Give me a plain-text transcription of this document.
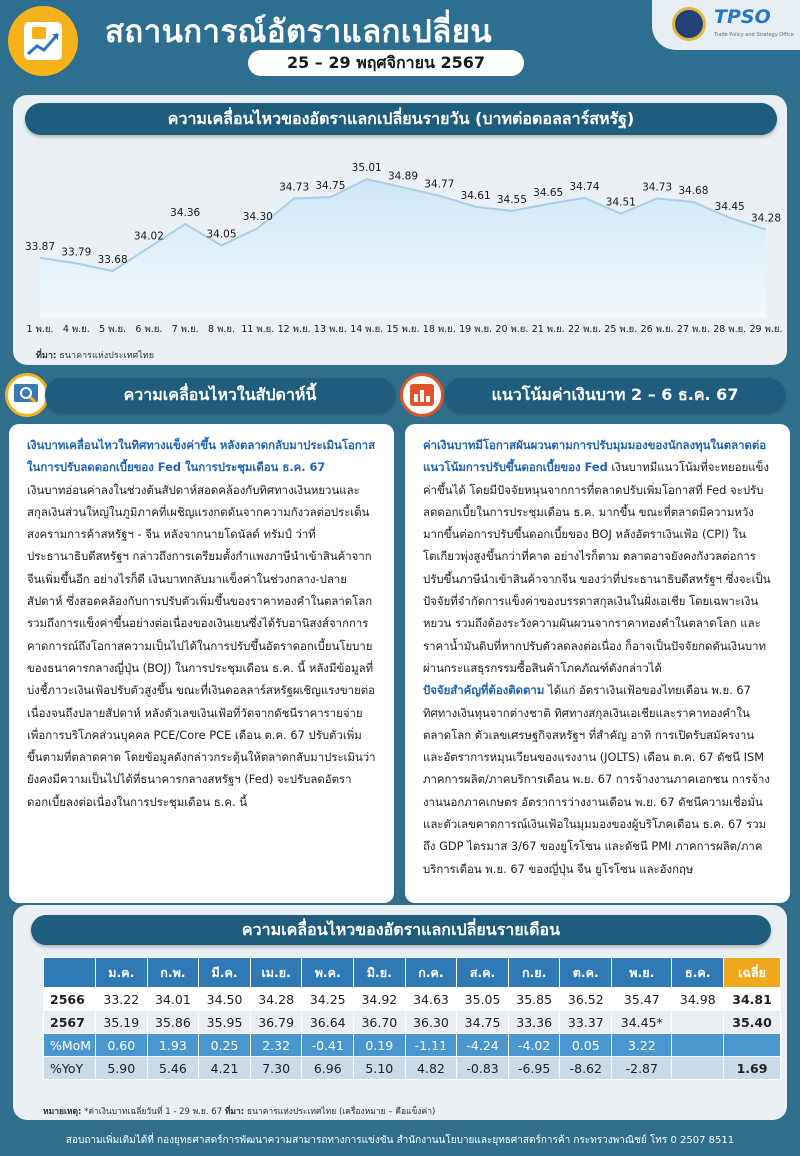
สถานการณ์อัตราแลกเปลี่ยน
25 – 29 พฤศจิกายน 2567
TPSO
Trade Policy and Strategy Office
ความเคลื่อนไหวของอัตราแลกเปลี่ยนรายวัน (บาทต่อดอลลาร์สหรัฐ)
33.87 33.79
33.68
34.02
34.36
34.05
34.30
34.73 34.75
35.01
34.89
34.77
34.61 34.55
34.65
34.74
34.51
34.73 34.68
34.45
34.28
1 พ.ย. 4 พ.ย. 5 พ.ย. 6 พ.ย. 7 พ.ย. 8 พ.ย. 11 พ.ย. 12 พ.ย. 13 พ.ย. 14 พ.ย. 15 พ.ย. 18 พ.ย. 19 พ.ย. 20 พ.ย. 21 พ.ย. 22 พ.ย. 25 พ.ย. 26 พ.ย. 27 พ.ย. 28 พ.ย. 29 พ.ย.
ที่มา: ธนาคารแห่งประเทศไทย
ความเคลื่อนไหวในสัปดาห์นี้

เงินบาทเคลื่อนไหวในทิศทางแข็งค่าขึ้น หลังตลาดกลับมาประเมินโอกาสในการปรับลดดอกเบี้ยของ Fed ในการประชุมเดือน ธ.ค. 67

เงินบาทอ่อนค่าลงในช่วงต้นสัปดาห์สอดคล้องกับทิศทางเงินหยวนและสกุลเงินส่วนใหญ่ในภูมิภาคที่เผชิญแรงกดดันจากความกังวลต่อประเด็นสงครามการค้าสหรัฐฯ - จีน หลังจากนายโดนัลด์ ทรัมป์ ว่าที่ประธานาธิบดีสหรัฐฯ กล่าวถึงการเตรียมตั้งกำแพงภาษีนำเข้าสินค้าจากจีนเพิ่มขึ้นอีก อย่างไรก็ดี เงินบาทกลับมาแข็งค่าในช่วงกลาง-ปลายสัปดาห์ ซึ่งสอดคล้องกับการปรับตัวเพิ่มขึ้นของราคาทองคำในตลาดโลก รวมถึงการแข็งค่าขึ้นอย่างต่อเนื่องของเงินเยนซึ่งได้รับอานิสงส์จากการคาดการณ์ถึงโอกาสความเป็นไปได้ในการปรับขึ้นอัตราดอกเบี้ยนโยบายของธนาคารกลางญี่ปุ่น (BOJ) ในการประชุมเดือน ธ.ค. นี้ หลังมีข้อมูลที่บ่งชี้ภาวะเงินเฟ้อปรับตัวสูงขึ้น ขณะที่เงินดอลลาร์สหรัฐผเชิญแรงขายต่อเนื่องจนถึงปลายสัปดาห์ หลังตัวเลขเงินเฟ้อที่วัดจากดัชนีราคารายจ่ายเพื่อการบริโภคส่วนบุคคล PCE/Core PCE เดือน ต.ค. 67 ปรับตัวเพิ่มขึ้นตามที่ตลาดคาด โดยข้อมูลดังกล่าวกระตุ้นให้ตลาดกลับมาประเมินว่า ยังคงมีความเป็นไปได้ที่ธนาคารกลางสหรัฐฯ (Fed) จะปรับลดอัตราดอกเบี้ยลงต่อเนื่องในการประชุมเดือน ธ.ค. นี้

แนวโน้มค่าเงินบาท 2 – 6 ธ.ค. 67

ค่าเงินบาทมีโอกาสผันผวนตามการปรับมุมมองของนักลงทุนในตลาดต่อแนวโน้มการปรับขึ้นดอกเบี้ยของ Fed เงินบาทมีแนวโน้มที่จะทยอยแข็งค่าขึ้นได้ โดยมีปัจจัยหนุนจากการที่ตลาดปรับเพิ่มโอกาสที่ Fed จะปรับลดดอกเบี้ยในการประชุมเดือน ธ.ค. มากขึ้น ขณะที่ตลาดมีความหวังมากขึ้นต่อการปรับขึ้นดอกเบี้ยของ BOJ หลังอัตราเงินเฟ้อ (CPI) ในโตเกียวพุ่งสูงขึ้นกว่าที่คาด อย่างไรก็ตาม ตลาดอาจยังคงกังวลต่อการปรับขึ้นภาษีนำเข้าสินค้าจากจีน ของว่าที่ประธานาธิบดีสหรัฐฯ ซึ่งจะเป็นปัจจัยที่จำกัดการแข็งค่าของบรรดาสกุลเงินในฝั่งเอเชีย โดยเฉพาะเงินหยวน รวมถึงต้องระวังความผันผวนจากราคาทองคำในตลาดโลก และราคาน้ำมันดิบที่หากปรับตัวลดลงต่อเนื่อง ก็อาจเป็นปัจจัยกดดันเงินบาทผ่านกระแสธุรกรรมซื้อสินค้าโภคภัณฑ์ดังกล่าวได้

ปัจจัยสำคัญที่ต้องติดตาม ได้แก่ อัตราเงินเฟ้อของไทยเดือน พ.ย. 67 ทิศทางเงินทุนจากต่างชาติ ทิศทางสกุลเงินเอเชียและราคาทองคำในตลาดโลก ตัวเลขเศรษฐกิจสหรัฐฯ ที่สำคัญ อาทิ การเปิดรับสมัครงานและอัตราการหมุนเวียนของแรงงาน (JOLTS) เดือน ต.ค. 67 ดัชนี ISM ภาคการผลิต/ภาคบริการเดือน พ.ย. 67 การจ้างงานภาคเอกชน การจ้างงานนอกภาคเกษตร อัตราการว่างงานเดือน พ.ย. 67 ดัชนีความเชื่อมั่นและตัวเลขคาดการณ์เงินเฟ้อในมุมมองของผู้บริโภคเดือน ธ.ค. 67 รวมถึง GDP ไตรมาส 3/67 ของยูโรโซน และดัชนี PMI ภาคการผลิต/ภาคบริการเดือน พ.ย. 67 ของญี่ปุ่น จีน ยูโรโซน และอังกฤษ

ความเคลื่อนไหวของอัตราแลกเปลี่ยนรายเดือน
	ม.ค.	ก.พ.	มี.ค.	เม.ย.	พ.ค.	มิ.ย.	ก.ค.	ส.ค.	ก.ย.	ต.ค.	พ.ย.	ธ.ค.	เฉลี่ย
2566	33.22	34.01	34.50	34.28	34.25	34.92	34.63	35.05	35.85	36.52	35.47	34.98	34.81
2567	35.19	35.86	35.95	36.79	36.64	36.70	36.30	34.75	33.36	33.37	34.45*		35.40
%MoM	0.60	1.93	0.25	2.32	-0.41	0.19	-1.11	-4.24	-4.02	0.05	3.22		
%YoY	5.90	5.46	4.21	7.30	6.96	5.10	4.82	-0.83	-6.95	-8.62	-2.87		1.69
หมายเหตุ: *ค่าเงินบาทเฉลี่ยวันที่ 1 - 29 พ.ย. 67 ที่มา: ธนาคารแห่งประเทศไทย (เครื่องหมาย – คือแข็งค่า)
สอบถามเพิ่มเติมได้ที่ กองยุทธศาสตร์การพัฒนาความสามารถทางการแข่งขัน สำนักงานนโยบายและยุทธศาสตร์การค้า กระทรวงพาณิชย์ โทร 0 2507 8511
